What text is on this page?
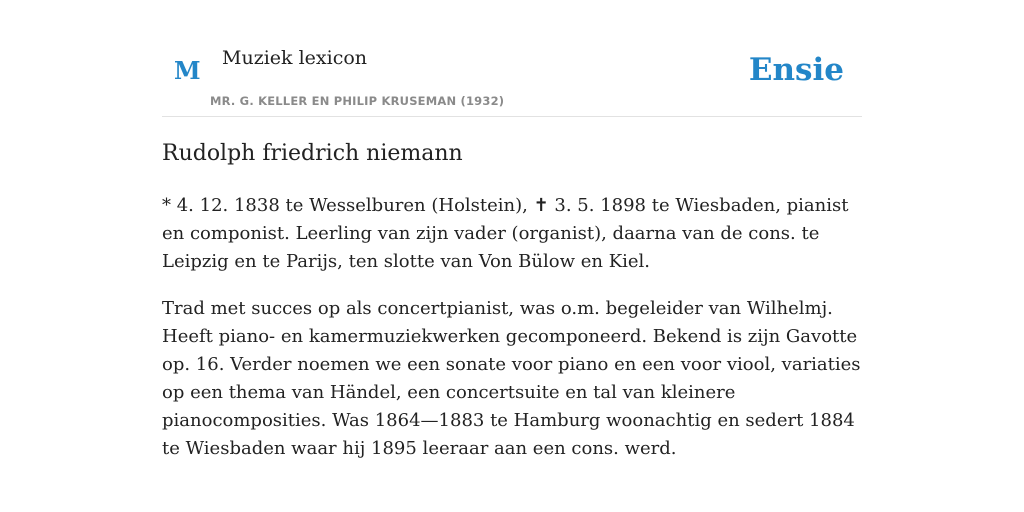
M Muziek lexicon
MR. G. KELLER EN PHILIP KRUSEMAN (1932)
Ensie
Rudolph friedrich niemann

* 4. 12. 1838 te Wesselburen (Holstein), ✝ 3. 5. 1898 te Wiesbaden, pianist en componist. Leerling van zijn vader (organist), daarna van de cons. te Leipzig en te Parijs, ten slotte van Von Bülow en Kiel.

Trad met succes op als concertpianist, was o.m. begeleider van Wilhelmj. Heeft piano- en kamermuziekwerken gecomponeerd. Bekend is zijn Gavotte op. 16. Verder noemen we een sonate voor piano en een voor viool, variaties op een thema van Händel, een concertsuite en tal van kleinere pianocomposities. Was 1864—1883 te Hamburg woonachtig en sedert 1884 te Wiesbaden waar hij 1895 leeraar aan een cons. werd.
